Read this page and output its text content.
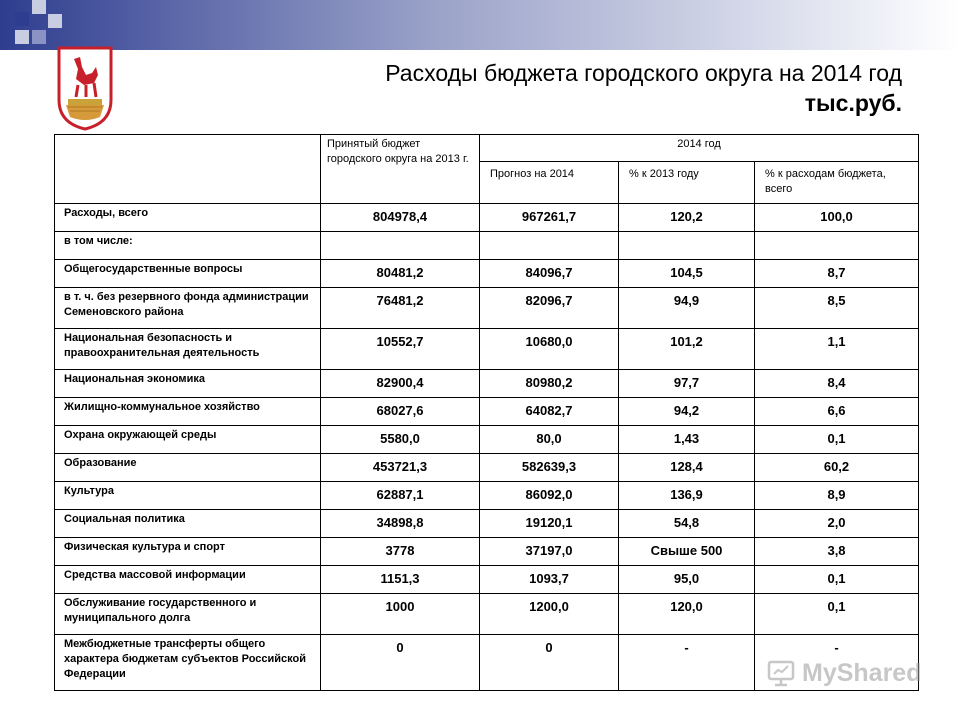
Расходы бюджета городского округа на 2014 год
тыс.руб.
	Принятый бюджет городского округа на 2013 г.	2014 год		
		Прогноз на 2014	% к 2013 году	% к расходам бюджета, всего
Расходы, всего	804978,4	967261,7	120,2	100,0
в том числе:				
Общегосударственные вопросы	80481,2	84096,7	104,5	8,7
в т. ч. без резервного фонда администрации Семеновского района	76481,2	82096,7	94,9	8,5
Национальная безопасность и правоохранительная деятельность	10552,7	10680,0	101,2	1,1
Национальная экономика	82900,4	80980,2	97,7	8,4
Жилищно-коммунальное хозяйство	68027,6	64082,7	94,2	6,6
Охрана окружающей среды	5580,0	80,0	1,43	0,1
Образование	453721,3	582639,3	128,4	60,2
Культура	62887,1	86092,0	136,9	8,9
Социальная политика	34898,8	19120,1	54,8	2,0
Физическая культура и спорт	3778	37197,0	Свыше 500	3,8
Средства массовой информации	1151,3	1093,7	95,0	0,1
Обслуживание государственного и муниципального долга	1000	1200,0	120,0	0,1
Межбюджетные трансферты общего характера бюджетам субъектов Российской Федерации	0	0	-	-
MyShared
